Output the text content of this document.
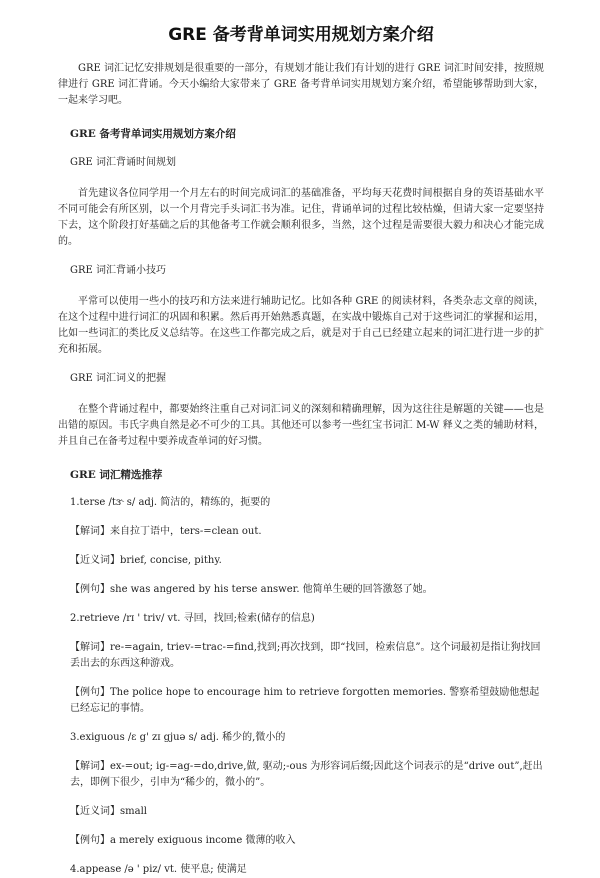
GRE 备考背单词实用规划方案介绍

GRE 词汇记忆安排规划是很重要的一部分，有规划才能让我们有计划的进行 GRE 词汇时间安排，按照规律进行 GRE 词汇背诵。今天小编给大家带来了 GRE 备考背单词实用规划方案介绍，希望能够帮助到大家，一起来学习吧。

GRE 备考背单词实用规划方案介绍

GRE 词汇背诵时间规划

首先建议各位同学用一个月左右的时间完成词汇的基础准备，平均每天花费时间根据自身的英语基础水平不同可能会有所区别，以一个月背完手头词汇书为准。记住，背诵单词的过程比较枯燥，但请大家一定要坚持下去，这个阶段打好基础之后的其他备考工作就会顺利很多，当然，这个过程是需要很大毅力和决心才能完成的。

GRE 词汇背诵小技巧

平常可以使用一些小的技巧和方法来进行辅助记忆。比如各种 GRE 的阅读材料，各类杂志文章的阅读，在这个过程中进行词汇的巩固和积累。然后再开始熟悉真题，在实战中锻炼自己对于这些词汇的掌握和运用，比如一些词汇的类比反义总结等。在这些工作都完成之后，就是对于自己已经建立起来的词汇进行进一步的扩充和拓展。

GRE 词汇词义的把握

在整个背诵过程中，都要始终注重自己对词汇词义的深刻和精确理解，因为这往往是解题的关键——也是出错的原因。韦氏字典自然是必不可少的工具。其他还可以参考一些红宝书词汇 M-W 释义之类的辅助材料，并且自己在备考过程中要养成查单词的好习惯。

GRE 词汇精选推荐

1.terse /tɝ s/ adj. 简洁的，精练的，扼要的

【解词】来自拉丁语中，ters-=clean out.

【近义词】brief, concise, pithy.

【例句】she was angered by his terse answer. 他简单生硬的回答激怒了她。

2.retrieve /rɪ ' triv/ vt. 寻回，找回;检索(储存的信息)

【解词】re-=again, triev-=trac-=find,找到;再次找到，即“找回，检索信息”。这个词最初是指让狗找回丢出去的东西这种游戏。

【例句】The police hope to encourage him to retrieve forgotten memories. 警察希望鼓励他想起已经忘记的事情。

3.exiguous /ɛ g' zɪ gjuə s/ adj. 稀少的,微小的

【解词】ex-=out; ig-=ag-=do,drive,做, 驱动;-ous 为形容词后缀;因此这个词表示的是“drive out”,赶出去，即例下很少，引申为“稀少的，微小的”。

【近义词】small

【例句】a merely exiguous income 微薄的收入

4.appease /ə ' piz/ vt. 使平息; 使满足
